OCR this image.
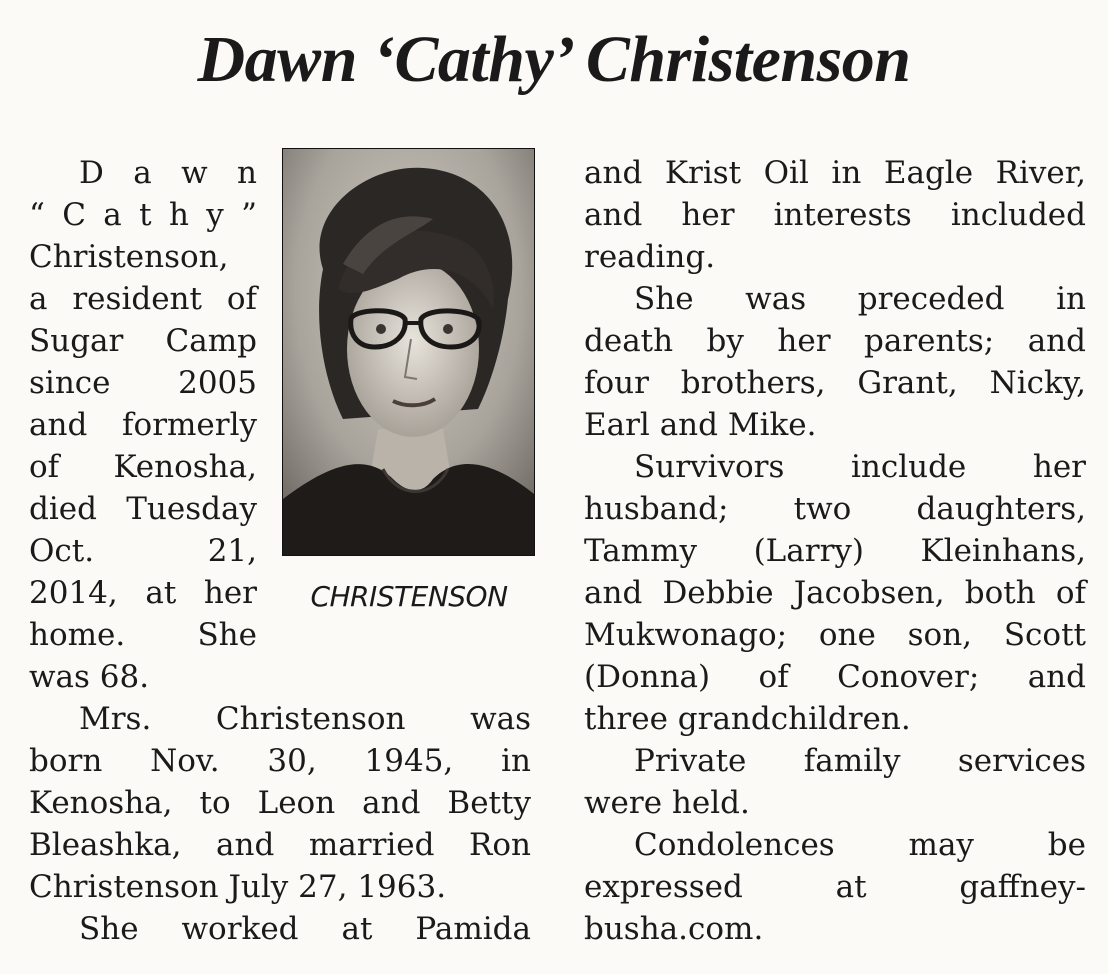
Dawn ‘Cathy’ Christenson
D a w n
“ C a t h y ”
Christenson,
a resident of
Sugar Camp
since 2005
and formerly
of Kenosha,
died Tuesday
Oct. 21,
2014, at her
home. She
was 68.
Mrs. Christenson was
born Nov. 30, 1945, in
Kenosha, to Leon and Betty
Bleashka, and married Ron
Christenson July 27, 1963.
She worked at Pamida
CHRISTENSON
and Krist Oil in Eagle River,
and her interests included
reading.
She was preceded in
death by her parents; and
four brothers, Grant, Nicky,
Earl and Mike.
Survivors include her
husband; two daughters,
Tammy (Larry) Kleinhans,
and Debbie Jacobsen, both of
Mukwonago; one son, Scott
(Donna) of Conover; and
three grandchildren.
Private family services
were held.
Condolences may be
expressed at gaffney-
busha.com.
